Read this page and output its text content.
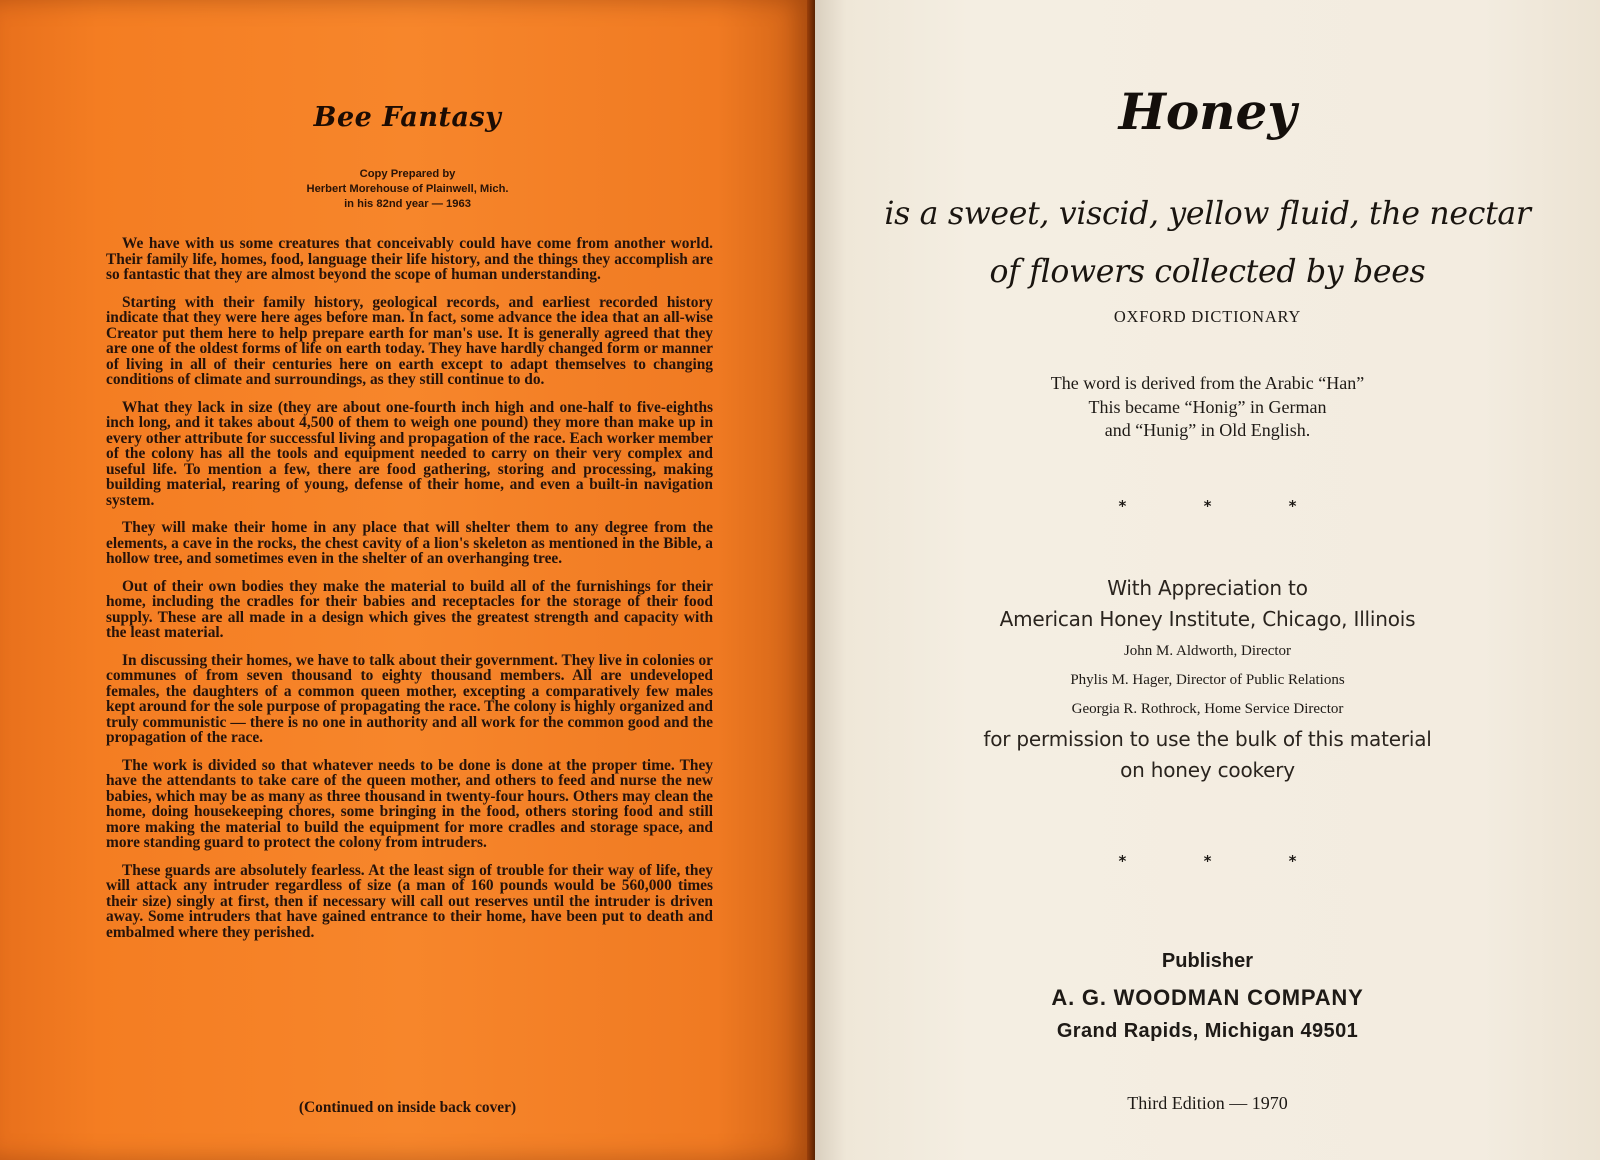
Bee Fantasy
Copy Prepared by
Herbert Morehouse of Plainwell, Mich.
in his 82nd year — 1963

We have with us some creatures that conceivably could have come from another world. Their family life, homes, food, language their life history, and the things they accomplish are so fantastic that they are almost beyond the scope of human understanding.

Starting with their family history, geological records, and earliest recorded history indicate that they were here ages before man. In fact, some advance the idea that an all-wise Creator put them here to help prepare earth for man's use. It is generally agreed that they are one of the oldest forms of life on earth today. They have hardly changed form or manner of living in all of their centuries here on earth except to adapt themselves to changing conditions of climate and surroundings, as they still continue to do.

What they lack in size (they are about one-fourth inch high and one-half to five-eighths inch long, and it takes about 4,500 of them to weigh one pound) they more than make up in every other attribute for successful living and propagation of the race. Each worker member of the colony has all the tools and equipment needed to carry on their very complex and useful life. To mention a few, there are food gathering, storing and processing, making building material, rearing of young, defense of their home, and even a built-in navigation system.

They will make their home in any place that will shelter them to any degree from the elements, a cave in the rocks, the chest cavity of a lion's skeleton as mentioned in the Bible, a hollow tree, and sometimes even in the shelter of an overhanging tree.

Out of their own bodies they make the material to build all of the furnishings for their home, including the cradles for their babies and receptacles for the storage of their food supply. These are all made in a design which gives the greatest strength and capacity with the least material.

In discussing their homes, we have to talk about their government. They live in colonies or communes of from seven thousand to eighty thousand members. All are undeveloped females, the daughters of a common queen mother, excepting a comparatively few males kept around for the sole purpose of propagating the race. The colony is highly organized and truly communistic — there is no one in authority and all work for the common good and the propagation of the race.

The work is divided so that whatever needs to be done is done at the proper time. They have the attendants to take care of the queen mother, and others to feed and nurse the new babies, which may be as many as three thousand in twenty-four hours. Others may clean the home, doing housekeeping chores, some bringing in the food, others storing food and still more making the material to build the equipment for more cradles and storage space, and more standing guard to protect the colony from intruders.

These guards are absolutely fearless. At the least sign of trouble for their way of life, they will attack any intruder regardless of size (a man of 160 pounds would be 560,000 times their size) singly at first, then if necessary will call out reserves until the intruder is driven away. Some intruders that have gained entrance to their home, have been put to death and embalmed where they perished.

(Continued on inside back cover)
Honey
is a sweet, viscid, yellow fluid, the nectar
of flowers collected by bees
OXFORD DICTIONARY
The word is derived from the Arabic “Han”
This became “Honig” in German
and “Hunig” in Old English.
* * *
With Appreciation to
American Honey Institute, Chicago, Illinois
John M. Aldworth, Director
Phylis M. Hager, Director of Public Relations
Georgia R. Rothrock, Home Service Director
for permission to use the bulk of this material
on honey cookery
* * *
Publisher
A. G. WOODMAN COMPANY
Grand Rapids, Michigan 49501
Third Edition — 1970
